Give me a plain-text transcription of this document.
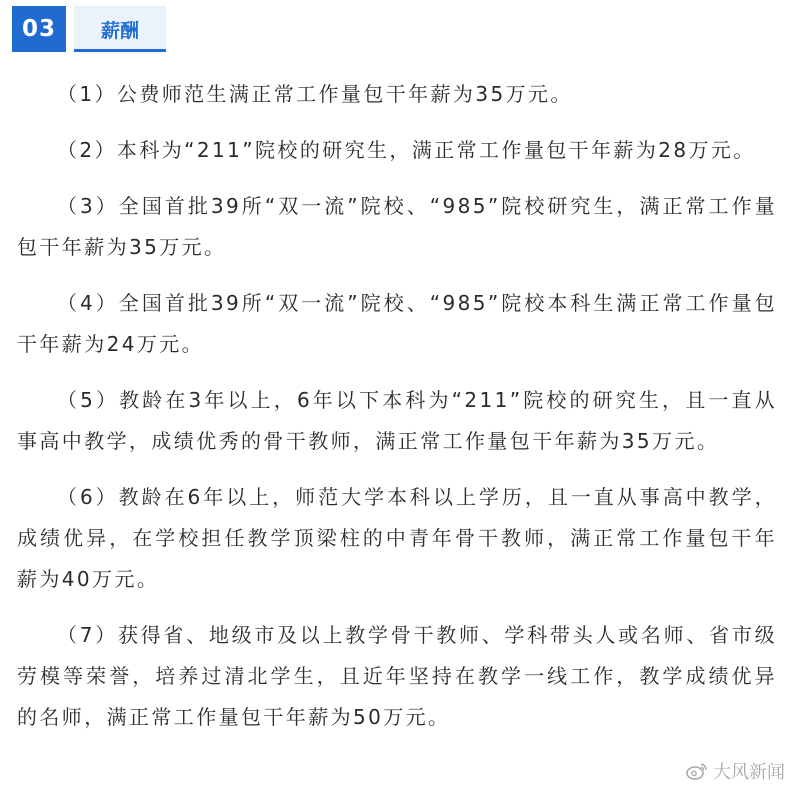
03	薪酬

（1）公费师范生满正常工作量包干年薪为35万元。

（2）本科为“211”院校的研究生，满正常工作量包干年薪为28万元。

（3）全国首批39所“双一流”院校、“985”院校研究生，满正常工作量包干年薪为35万元。

（4）全国首批39所“双一流”院校、“985”院校本科生满正常工作量包干年薪为24万元。

（5）教龄在3年以上，6年以下本科为“211”院校的研究生，且一直从事高中教学，成绩优秀的骨干教师，满正常工作量包干年薪为35万元。

（6）教龄在6年以上，师范大学本科以上学历，且一直从事高中教学，成绩优异，在学校担任教学顶梁柱的中青年骨干教师，满正常工作量包干年薪为40万元。

（7）获得省、地级市及以上教学骨干教师、学科带头人或名师、省市级劳模等荣誉，培养过清北学生，且近年坚持在教学一线工作，教学成绩优异的名师，满正常工作量包干年薪为50万元。

大风新闻
